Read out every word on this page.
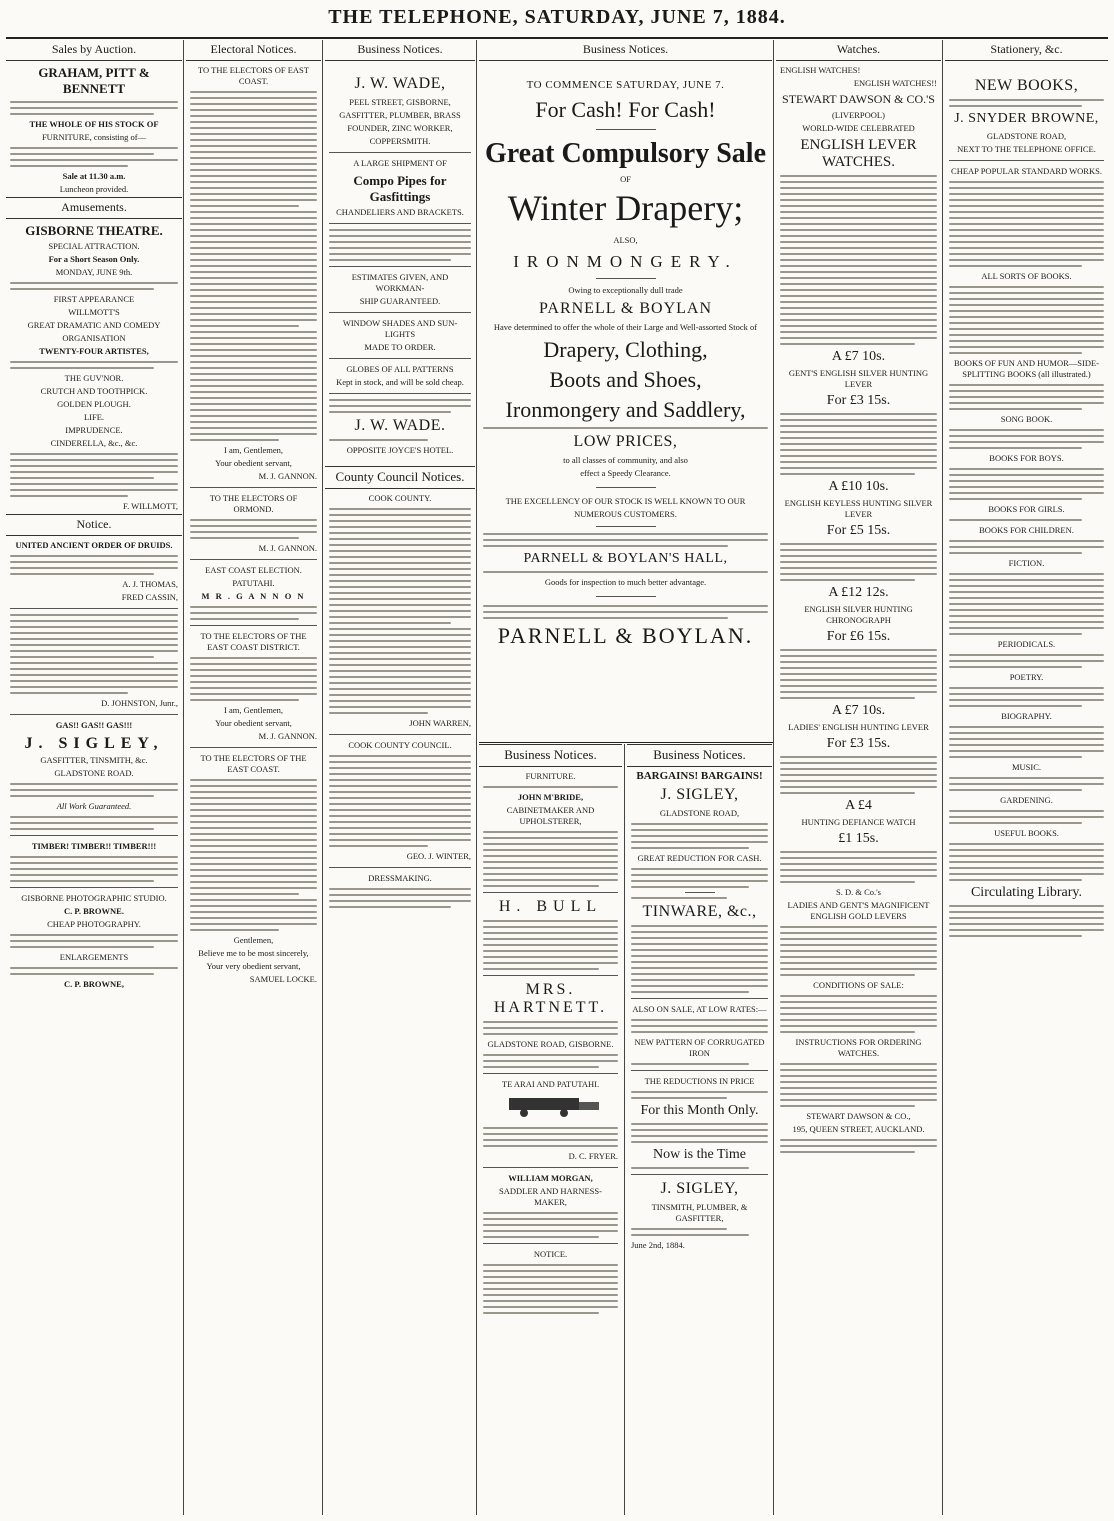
THE TELEPHONE, SATURDAY, JUNE 7, 1884.
Sales by Auction.
GRAHAM, PITT & BENNETT
THE WHOLE OF HIS STOCK OF
FURNITURE, consisting of—
Sale at 11.30 a.m.
Luncheon provided.
Amusements.
GISBORNE THEATRE.
SPECIAL ATTRACTION.
For a Short Season Only.
MONDAY, JUNE 9th.
FIRST APPEARANCE
WILLMOTT'S
GREAT DRAMATIC AND COMEDY
ORGANISATION
TWENTY-FOUR ARTISTES,
THE GUV'NOR.
CRUTCH AND TOOTHPICK.
GOLDEN PLOUGH.
LIFE.
IMPRUDENCE.
CINDERELLA, &c., &c.
F. WILLMOTT,
Notice.
UNITED ANCIENT ORDER OF DRUIDS.
A. J. THOMAS,
FRED CASSIN,
D. JOHNSTON, Junr.,
GAS!! GAS!! GAS!!!
J. SIGLEY,
GASFITTER, TINSMITH, &c.
GLADSTONE ROAD.
All Work Guaranteed.
TIMBER! TIMBER!! TIMBER!!!
GISBORNE PHOTOGRAPHIC STUDIO.
C. P. BROWNE.
CHEAP PHOTOGRAPHY.
ENLARGEMENTS
C. P. BROWNE,
Electoral Notices.
TO THE ELECTORS OF EAST COAST.
I am, Gentlemen,
Your obedient servant,
M. J. GANNON.
TO THE ELECTORS OF ORMOND.
M. J. GANNON.
EAST COAST ELECTION.
PATUTAHI.
M R . G A N N O N
TO THE ELECTORS OF THE EAST COAST DISTRICT.
I am, Gentlemen,
Your obedient servant,
M. J. GANNON.
TO THE ELECTORS OF THE EAST COAST.
Gentlemen,
Believe me to be most sincerely,
Your very obedient servant,
SAMUEL LOCKE.
Business Notices.
J. W. WADE,
PEEL STREET, GISBORNE,
GASFITTER, PLUMBER, BRASS
FOUNDER, ZINC WORKER,
COPPERSMITH.
A LARGE SHIPMENT OF
Compo Pipes for Gasfittings
CHANDELIERS AND BRACKETS.
ESTIMATES GIVEN, AND WORKMAN-
SHIP GUARANTEED.
WINDOW SHADES AND SUN-LIGHTS
MADE TO ORDER.
GLOBES OF ALL PATTERNS
Kept in stock, and will be sold cheap.
J. W. WADE.
OPPOSITE JOYCE'S HOTEL.
County Council Notices.
COOK COUNTY.
JOHN WARREN,
COOK COUNTY COUNCIL.
GEO. J. WINTER,
DRESSMAKING.
Business Notices.
TO COMMENCE SATURDAY, JUNE 7.
For Cash! For Cash!
Great Compulsory Sale
OF
Winter Drapery;
ALSO,
IRONMONGERY.
Owing to exceptionally dull trade
PARNELL & BOYLAN
Have determined to offer the whole of their Large and Well-assorted Stock of
Drapery, Clothing,
Boots and Shoes,
Ironmongery and Saddlery,
LOW PRICES,
to all classes of community, and also
effect a Speedy Clearance.
THE EXCELLENCY OF OUR STOCK IS WELL KNOWN TO OUR
NUMEROUS CUSTOMERS.
PARNELL & BOYLAN'S HALL,
Goods for inspection to much better advantage.
PARNELL & BOYLAN.
Business Notices.
FURNITURE.
JOHN M'BRIDE,
CABINETMAKER AND UPHOLSTERER,
H. BULL
MRS. HARTNETT.
GLADSTONE ROAD, GISBORNE.
TE ARAI AND PATUTAHI.
D. C. FRYER.
WILLIAM MORGAN,
SADDLER AND HARNESS-MAKER,
NOTICE.
Business Notices.
BARGAINS! BARGAINS!
J. SIGLEY,
GLADSTONE ROAD,
GREAT REDUCTION FOR CASH.
TINWARE, &c.,
ALSO ON SALE, AT LOW RATES:—
NEW PATTERN OF CORRUGATED IRON
THE REDUCTIONS IN PRICE
For this Month Only.
Now is the Time
J. SIGLEY,
TINSMITH, PLUMBER, & GASFITTER,
June 2nd, 1884.
Watches.
ENGLISH WATCHES!
ENGLISH WATCHES!!
STEWART DAWSON & CO.'S
(LIVERPOOL)
WORLD-WIDE CELEBRATED
ENGLISH LEVER WATCHES.
A £7 10s.
GENT'S ENGLISH SILVER HUNTING LEVER
For £3 15s.
A £10 10s.
ENGLISH KEYLESS HUNTING SILVER LEVER
For £5 15s.
A £12 12s.
ENGLISH SILVER HUNTING CHRONOGRAPH
For £6 15s.
A £7 10s.
LADIES' ENGLISH HUNTING LEVER
For £3 15s.
A £4
HUNTING DEFIANCE WATCH
£1 15s.
S. D. & Co.'s
LADIES AND GENT'S MAGNIFICENT ENGLISH GOLD LEVERS
CONDITIONS OF SALE:
INSTRUCTIONS FOR ORDERING WATCHES.
STEWART DAWSON & CO.,
195, QUEEN STREET, AUCKLAND.
Stationery, &c.
NEW BOOKS,
J. SNYDER BROWNE,
GLADSTONE ROAD,
NEXT TO THE TELEPHONE OFFICE.
CHEAP POPULAR STANDARD WORKS.
ALL SORTS OF BOOKS.
BOOKS OF FUN AND HUMOR—SIDE-SPLITTING BOOKS (all illustrated.)
SONG BOOK.
BOOKS FOR BOYS.
BOOKS FOR GIRLS.
BOOKS FOR CHILDREN.
FICTION.
PERIODICALS.
POETRY.
BIOGRAPHY.
MUSIC.
GARDENING.
USEFUL BOOKS.
Circulating Library.
